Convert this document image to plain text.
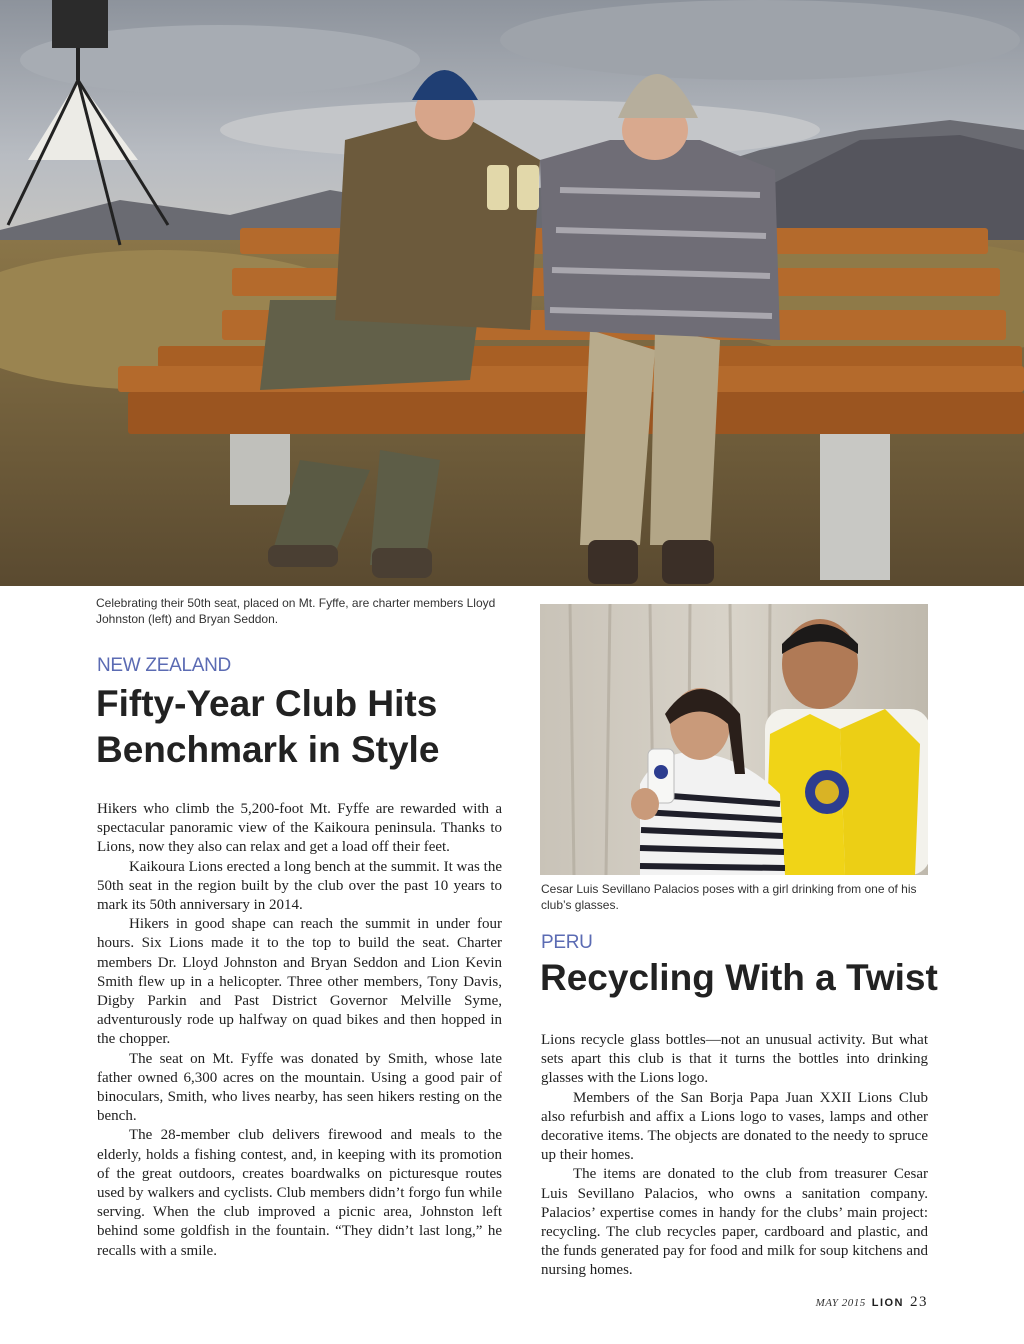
Celebrating their 50th seat, placed on Mt. Fyffe, are charter members Lloyd Johnston (left) and Bryan Seddon.
NEW ZEALAND
Fifty-Year Club Hits Benchmark in Style

Hikers who climb the 5,200-foot Mt. Fyffe are rewarded with a spectacular panoramic view of the Kaikoura peninsula. Thanks to Lions, now they also can relax and get a load off their feet.

Kaikoura Lions erected a long bench at the summit. It was the 50th seat in the region built by the club over the past 10 years to mark its 50th anniversary in 2014.

Hikers in good shape can reach the summit in under four hours. Six Lions made it to the top to build the seat. Charter members Dr. Lloyd Johnston and Bryan Seddon and Lion Kevin Smith flew up in a helicopter. Three other members, Tony Davis, Digby Parkin and Past District Governor Melville Syme, adventurously rode up halfway on quad bikes and then hopped in the chopper.

The seat on Mt. Fyffe was donated by Smith, whose late father owned 6,300 acres on the mountain. Using a good pair of binoculars, Smith, who lives nearby, has seen hikers resting on the bench.

The 28-member club delivers firewood and meals to the elderly, holds a fishing contest, and, in keeping with its promotion of the great outdoors, creates boardwalks on picturesque routes used by walkers and cyclists. Club members didn’t forgo fun while serving. When the club improved a picnic area, Johnston left behind some goldfish in the fountain. “They didn’t last long,” he recalls with a smile.

Cesar Luis Sevillano Palacios poses with a girl drinking from one of his club’s glasses.
PERU
Recycling With a Twist

Lions recycle glass bottles—not an unusual activity. But what sets apart this club is that it turns the bottles into drinking glasses with the Lions logo.

Members of the San Borja Papa Juan XXII Lions Club also refurbish and affix a Lions logo to vases, lamps and other decorative items. The objects are donated to the needy to spruce up their homes.

The items are donated to the club from treasurer Cesar Luis Sevillano Palacios, who owns a sanitation company. Palacios’ expertise comes in handy for the clubs’ main project: recycling. The club recycles paper, cardboard and plastic, and the funds generated pay for food and milk for soup kitchens and nursing homes.

MAY 2015 LION 23
